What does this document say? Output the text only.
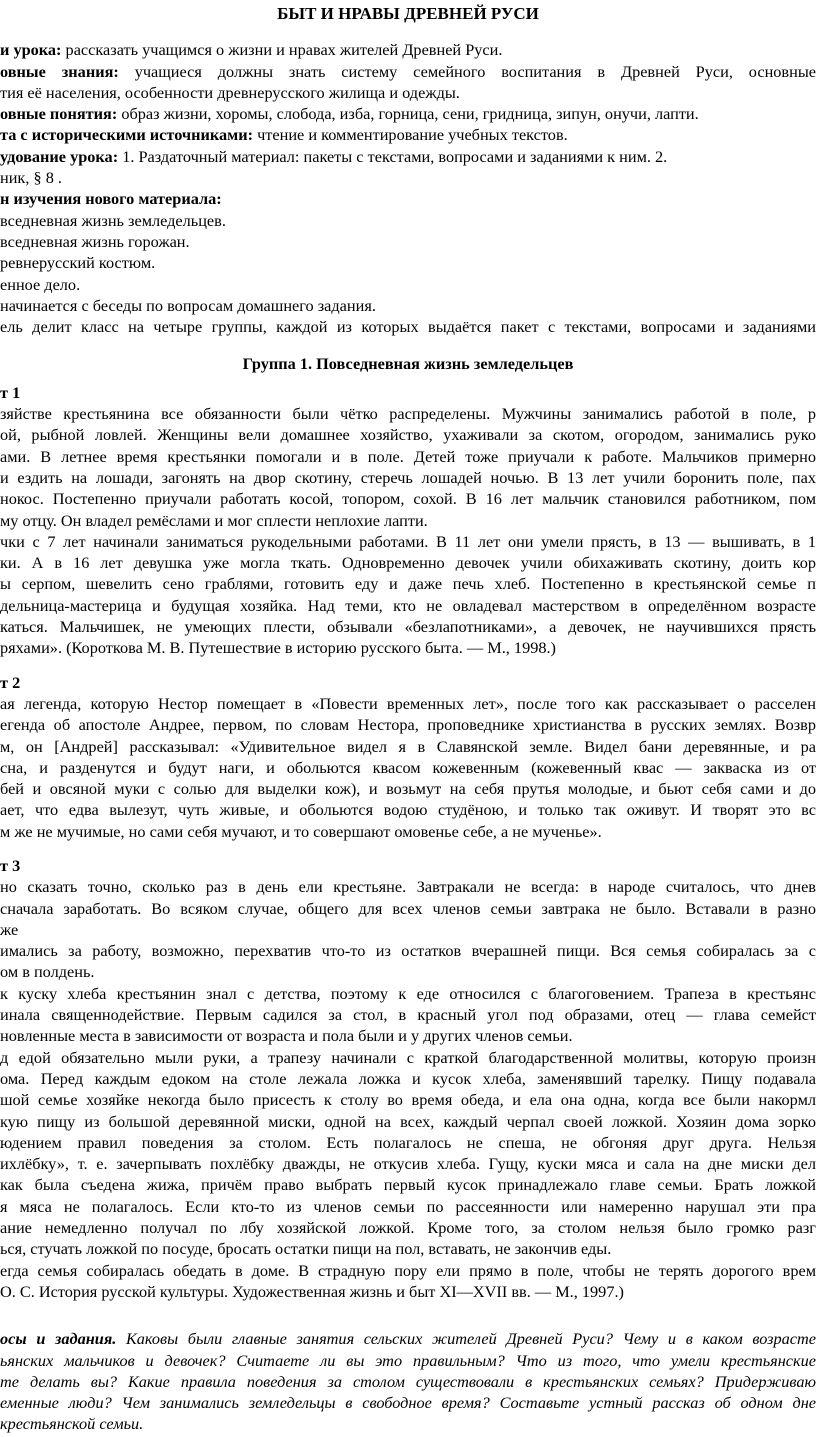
БЫТ И НРАВЫ ДРЕВНЕЙ РУСИ
и урока: рассказать учащимся о жизни и нравах жителей Древней Руси.
овные знания: учащиеся должны знать систему семейного воспитания в Древней Руси, основные
тия её населения, особенности древнерусского жилища и одежды.
овные понятия: образ жизни, хоромы, слобода, изба, горница, сени, гридница, зипун, онучи, лапти.
та с историческими источниками: чтение и комментирование учебных текстов.
удование урока: 1. Раздаточный материал: пакеты с текстами, вопросами и заданиями к ним. 2.
ник, § 8 .
н изучения нового материала:
вседневная жизнь земледельцев.
вседневная жизнь горожан.
ревнерусский костюм.
енное дело.
начинается с беседы по вопросам домашнего задания.
ель делит класс на четыре группы, каждой из которых выдаётся пакет с текстами, вопросами и заданиями
Группа 1. Повседневная жизнь земледельцев
т 1
зяйстве крестьянина все обязанности были чётко распределены. Мужчины занимались работой в поле, р
ой, рыбной ловлей. Женщины вели домашнее хозяйство, ухаживали за скотом, огородом, занимались руко
ами. В летнее время крестьянки помогали и в поле. Детей тоже приучали к работе. Мальчиков примерно
и ездить на лошади, загонять на двор скотину, стеречь лошадей ночью. В 13 лет учили боронить поле, пах
нокос. Постепенно приучали работать косой, топором, сохой. В 16 лет мальчик становился работником, пом
му отцу. Он владел ремёслами и мог сплести неплохие лапти.
чки с 7 лет начинали заниматься рукодельными работами. В 11 лет они умели прясть, в 13 — вышивать, в 1
ки. А в 16 лет девушка уже могла ткать. Одновременно девочек учили обихаживать скотину, доить кор
ы серпом, шевелить сено граблями, готовить еду и даже печь хлеб. Постепенно в крестьянской семье п
дельница-мастерица и будущая хозяйка. Над теми, кто не овладевал мастерством в определённом возрасте
каться. Мальчишек, не умеющих плести, обзывали «безлапотниками», а девочек, не научившихся прясть
ряхами». (Короткова М. В. Путешествие в историю русского быта. — М., 1998.)
т 2
ая легенда, которую Нестор помещает в «Повести временных лет», после того как рассказывает о расселен
егенда об апостоле Андрее, первом, по словам Нестора, проповеднике христианства в русских землях. Возвр
м, он [Андрей] рассказывал: «Удивительное видел я в Славянской земле. Видел бани деревянные, и ра
сна, и разденутся и будут наги, и обольются квасом кожевенным (кожевенный квас — закваска из от
бей и овсяной муки с солью для выделки кож), и возьмут на себя прутья молодые, и бьют себя сами и до
ает, что едва вылезут, чуть живые, и обольются водою студёною, и только так оживут. И творят это вс
м же не мучимые, но сами себя мучают, и то совершают омовенье себе, а не мученье».
т 3
но сказать точно, сколько раз в день ели крестьяне. Завтракали не всегда: в народе считалось, что днев
сначала заработать. Во всяком случае, общего для всех членов семьи завтрака не было. Вставали в разно
же
имались за работу, возможно, перехватив что-то из остатков вчерашней пищи. Вся семья собиралась за с
ом в полдень.
к куску хлеба крестьянин знал с детства, поэтому к еде относился с благоговением. Трапеза в крестьянс
инала священнодействие. Первым садился за стол, в красный угол под образами, отец — глава семейст
новленные места в зависимости от возраста и пола были и у других членов семьи.
д едой обязательно мыли руки, а трапезу начинали с краткой благодарственной молитвы, которую произн
ома. Перед каждым едоком на столе лежала ложка и кусок хлеба, заменявший тарелку. Пищу подавала
шой семье хозяйке некогда было присесть к столу во время обеда, и ела она одна, когда все были накормл
кую пищу из большой деревянной миски, одной на всех, каждый черпал своей ложкой. Хозяин дома зорко
юдением правил поведения за столом. Есть полагалось не спеша, не обгоняя друг друга. Нельзя
ихлёбку», т. е. зачерпывать похлёбку дважды, не откусив хлеба. Гущу, куски мяса и сала на дне миски дел
как была съедена жижа, причём право выбрать первый кусок принадлежало главе семьи. Брать ложкой
я мяса не полагалось. Если кто-то из членов семьи по рассеянности или намеренно нарушал эти пра
ание немедленно получал по лбу хозяйской ложкой. Кроме того, за столом нельзя было громко разг
ься, стучать ложкой по посуде, бросать остатки пищи на пол, вставать, не закончив еды.
егда семья собиралась обедать в доме. В страдную пору ели прямо в поле, чтобы не терять дорогого врем
О. С. История русской культуры. Художественная жизнь и быт XI—XVII вв. — М., 1997.)
осы и задания. Каковы были главные занятия сельских жителей Древней Руси? Чему и в каком возрасте
ьянских мальчиков и девочек? Считаете ли вы это правильным? Что из того, что умели крестьянские
те делать вы? Какие правила поведения за столом существовали в крестьянских семьях? Придерживаю
еменные люди? Чем занимались земледельцы в свободное время? Составьте устный рассказ об одном дне
крестьянской семьи.
